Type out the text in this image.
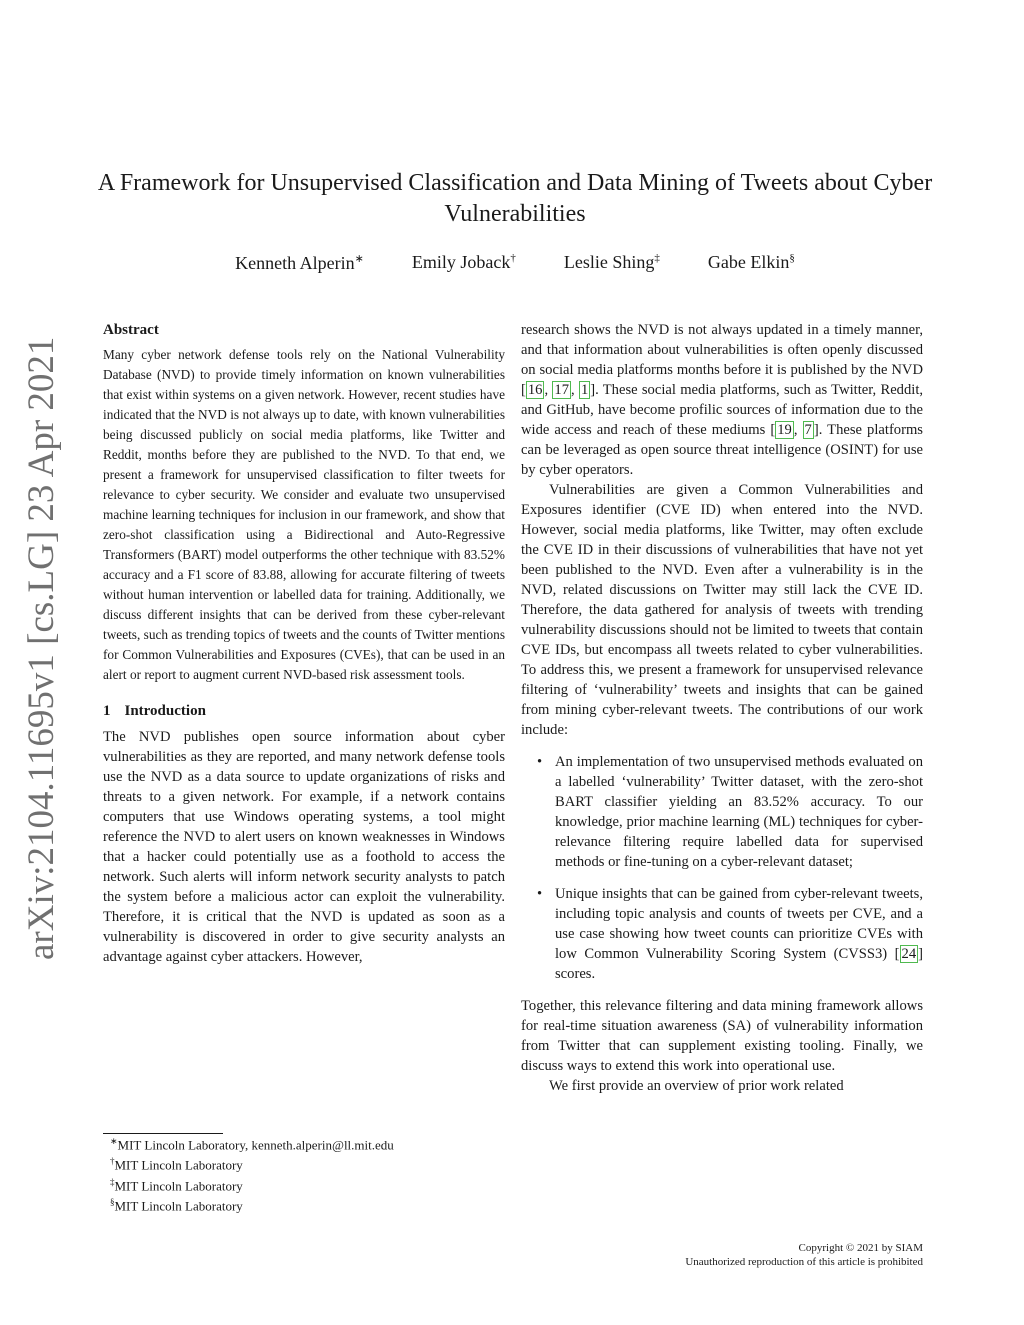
arXiv:2104.11695v1 [cs.LG] 23 Apr 2021
A Framework for Unsupervised Classification and Data Mining of Tweets about Cyber Vulnerabilities
Kenneth Alperin∗	Emily Joback†	Leslie Shing‡	Gabe Elkin§
Abstract

Many cyber network defense tools rely on the National Vulnerability Database (NVD) to provide timely information on known vulnerabilities that exist within systems on a given network. However, recent studies have indicated that the NVD is not always up to date, with known vulnerabilities being discussed publicly on social media platforms, like Twitter and Reddit, months before they are published to the NVD. To that end, we present a framework for unsupervised classification to filter tweets for relevance to cyber security. We consider and evaluate two unsupervised machine learning techniques for inclusion in our framework, and show that zero-shot classification using a Bidirectional and Auto-Regressive Transformers (BART) model outperforms the other technique with 83.52% accuracy and a F1 score of 83.88, allowing for accurate filtering of tweets without human intervention or labelled data for training. Additionally, we discuss different insights that can be derived from these cyber-relevant tweets, such as trending topics of tweets and the counts of Twitter mentions for Common Vulnerabilities and Exposures (CVEs), that can be used in an alert or report to augment current NVD-based risk assessment tools.

1 Introduction

The NVD publishes open source information about cyber vulnerabilities as they are reported, and many network defense tools use the NVD as a data source to update organizations of risks and threats to a given network. For example, if a network contains computers that use Windows operating systems, a tool might reference the NVD to alert users on known weaknesses in Windows that a hacker could potentially use as a foothold to access the network. Such alerts will inform network security analysts to patch the system before a malicious actor can exploit the vulnerability. Therefore, it is critical that the NVD is updated as soon as a vulnerability is discovered in order to give security analysts an advantage against cyber attackers. However,

research shows the NVD is not always updated in a timely manner, and that information about vulnerabilities is often openly discussed on social media platforms months before it is published by the NVD [ 16 , 17 , 1 ]. These social media platforms, such as Twitter, Reddit, and GitHub, have become profilic sources of information due to the wide access and reach of these mediums [ 19 , 7 ]. These platforms can be leveraged as open source threat intelligence (OSINT) for use by cyber operators.

Vulnerabilities are given a Common Vulnerabilities and Exposures identifier (CVE ID) when entered into the NVD. However, social media platforms, like Twitter, may often exclude the CVE ID in their discussions of vulnerabilities that have not yet been published to the NVD. Even after a vulnerability is in the NVD, related discussions on Twitter may still lack the CVE ID. Therefore, the data gathered for analysis of tweets with trending vulnerability discussions should not be limited to tweets that contain CVE IDs, but encompass all tweets related to cyber vulnerabilities. To address this, we present a framework for unsupervised relevance filtering of ‘vulnerability’ tweets and insights that can be gained from mining cyber-relevant tweets. The contributions of our work include:

• An implementation of two unsupervised methods evaluated on a labelled ‘vulnerability’ Twitter dataset, with the zero-shot BART classifier yielding an 83.52% accuracy. To our knowledge, prior machine learning (ML) techniques for cyber-relevance filtering require labelled data for supervised methods or fine-tuning on a cyber-relevant dataset;
• Unique insights that can be gained from cyber-relevant tweets, including topic analysis and counts of tweets per CVE, and a use case showing how tweet counts can prioritize CVEs with low Common Vulnerability Scoring System (CVSS3) [ 24 ] scores.

Together, this relevance filtering and data mining framework allows for real-time situation awareness (SA) of vulnerability information from Twitter that can supplement existing tooling. Finally, we discuss ways to extend this work into operational use.

We first provide an overview of prior work related

∗MIT Lincoln Laboratory, kenneth.alperin@ll.mit.edu
†MIT Lincoln Laboratory
‡MIT Lincoln Laboratory
§MIT Lincoln Laboratory
Copyright © 2021 by SIAM
Unauthorized reproduction of this article is prohibited
